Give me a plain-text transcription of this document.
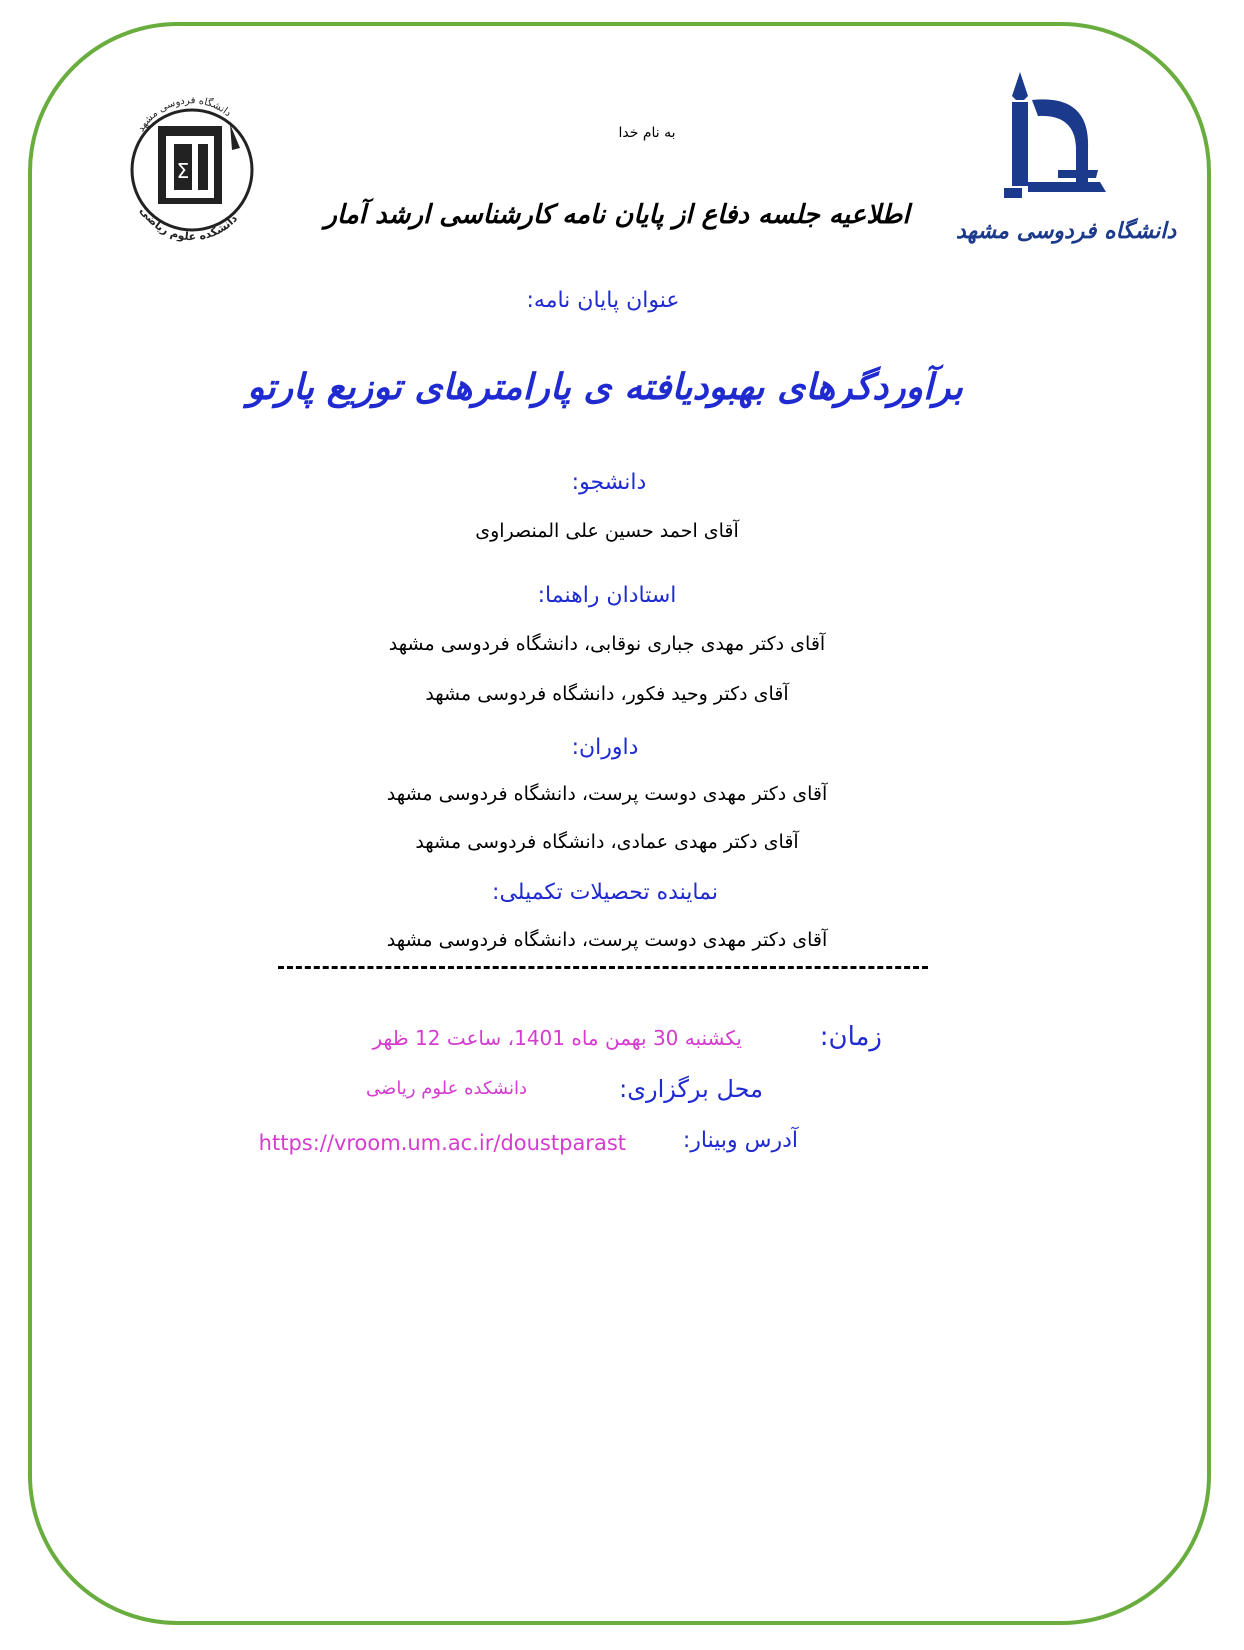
Σ
دانشگاه فردوسی مشهد
دانشکده علوم ریاضی	دانشگاه فردوسی مشهد
به نام خدا
اطلاعیه جلسه دفاع از پایان نامه کارشناسی ارشد آمار
عنوان پایان نامه:
برآوردگرهای بهبودیافته ی پارامترهای توزیع پارتو
دانشجو:
آقای احمد حسین علی المنصراوی
استادان راهنما:
آقای دکتر مهدی جباری نوقابی، دانشگاه فردوسی مشهد
آقای دکتر وحید فکور، دانشگاه فردوسی مشهد
داوران:
آقای دکتر مهدی دوست پرست، دانشگاه فردوسی مشهد
آقای دکتر مهدی عمادی، دانشگاه فردوسی مشهد
نماینده تحصیلات تکمیلی:
آقای دکتر مهدی دوست پرست، دانشگاه فردوسی مشهد
زمان:
یکشنبه 30 بهمن ماه 1401، ساعت 12 ظهر
محل برگزاری:
دانشکده علوم ریاضی
آدرس وبینار:
https://vroom.um.ac.ir/doustparast
